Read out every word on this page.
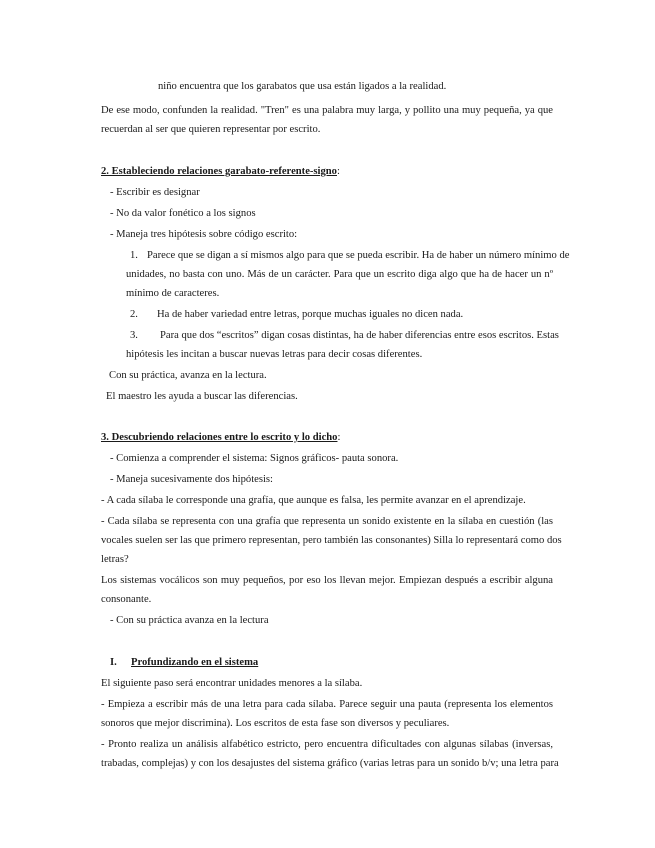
niño encuentra que los garabatos que usa están ligados a la realidad.
De ese modo, confunden la realidad. "Tren" es una palabra muy larga, y pollito una muy pequeña, ya que
recuerdan al ser que quieren representar por escrito.
2. Estableciendo relaciones garabato-referente-signo:
- Escribir es designar
- No da valor fonético a los signos
- Maneja tres hipótesis sobre código escrito:
1. Parece que se digan a sí mismos algo para que se pueda escribir. Ha de haber un número mínimo de
unidades, no basta con uno. Más de un carácter. Para que un escrito diga algo que ha de hacer un nº
mínimo de caracteres.
2. Ha de haber variedad entre letras, porque muchas iguales no dicen nada.
3. Para que dos “escritos” digan cosas distintas, ha de haber diferencias entre esos escritos. Estas
hipótesis les incitan a buscar nuevas letras para decir cosas diferentes.
Con su práctica, avanza en la lectura.
El maestro les ayuda a buscar las diferencias.
3. Descubriendo relaciones entre lo escrito y lo dicho:
- Comienza a comprender el sistema: Signos gráficos- pauta sonora.
- Maneja sucesivamente dos hipótesis:
- A cada sílaba le corresponde una grafía, que aunque es falsa, les permite avanzar en el aprendizaje.
- Cada sílaba se representa con una grafía que representa un sonido existente en la sílaba en cuestión (las
vocales suelen ser las que primero representan, pero también las consonantes) Silla lo representará como dos
letras?
Los sistemas vocálicos son muy pequeños, por eso los llevan mejor. Empiezan después a escribir alguna
consonante.
- Con su práctica avanza en la lectura
I. Profundizando en el sistema
El siguiente paso será encontrar unidades menores a la sílaba.
- Empieza a escribir más de una letra para cada sílaba. Parece seguir una pauta (representa los elementos
sonoros que mejor discrimina). Los escritos de esta fase son diversos y peculiares.
- Pronto realiza un análisis alfabético estricto, pero encuentra dificultades con algunas sílabas (inversas,
trabadas, complejas) y con los desajustes del sistema gráfico (varias letras para un sonido b/v; una letra para
